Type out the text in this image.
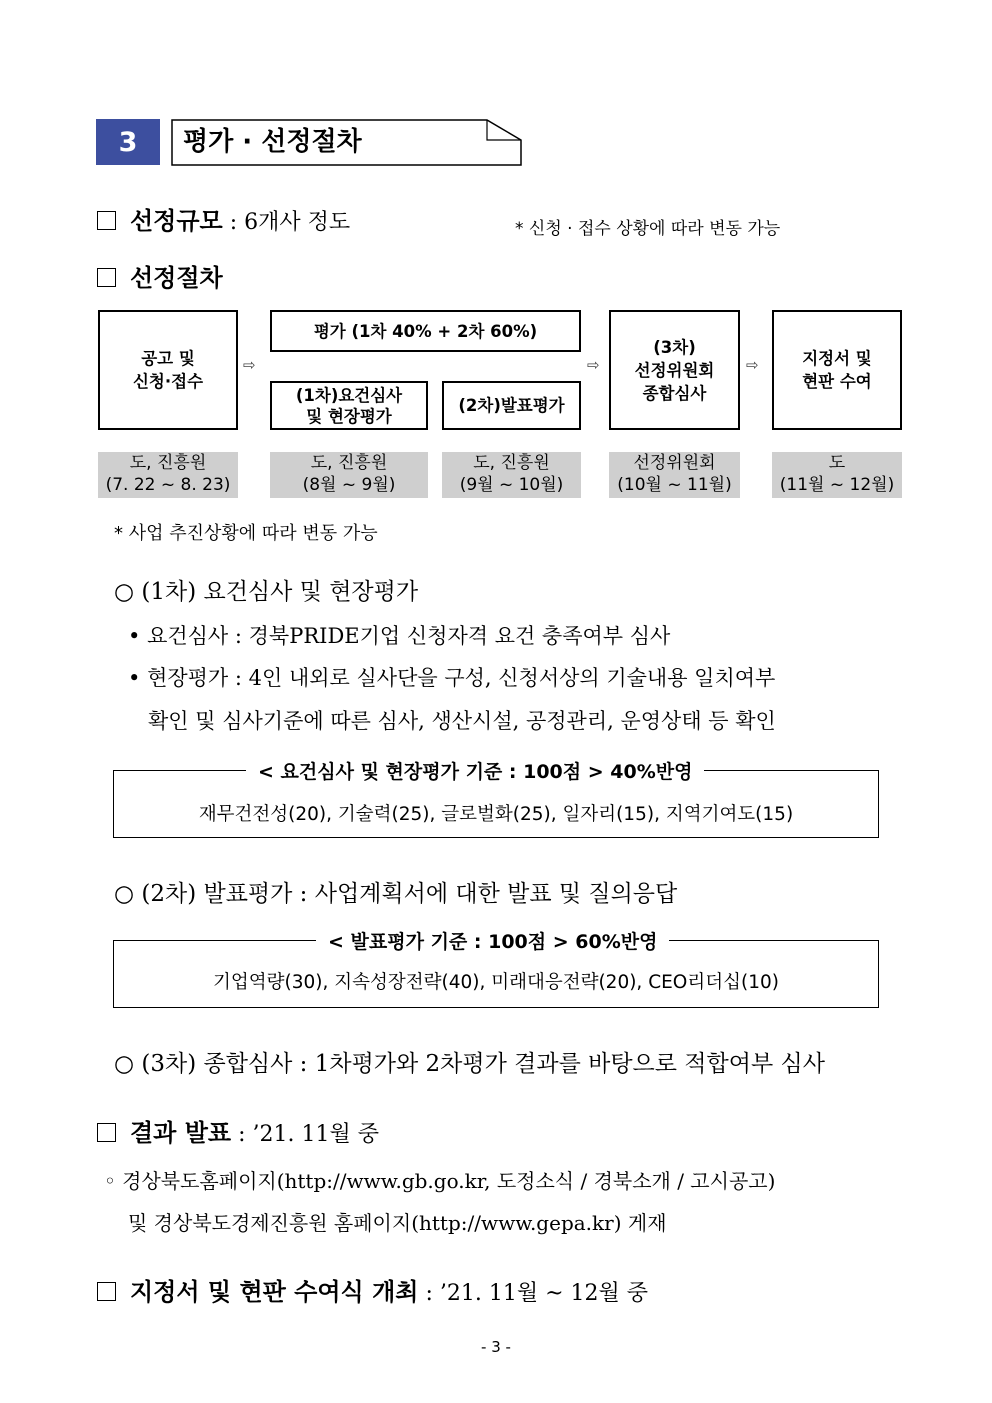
3	평가 · 선정절차
선정규모 : 6개사 정도	* 신청 · 접수 상황에 따라 변동 가능
선정절차
공고 및
신청·접수
⇨
평가 (1차 40% + 2차 60%)
(1차)요건심사
및 현장평가
(2차)발표평가
⇨
(3차)
선정위원회
종합심사
⇨	지정서 및
현판 수여
도, 진흥원
(7. 22 ~ 8. 23)
도, 진흥원
(8월 ~ 9월)
도, 진흥원
(9월 ~ 10월)
선정위원회
(10월 ~ 11월)
도
(11월 ~ 12월)
* 사업 추진상황에 따라 변동 가능
○ (1차) 요건심사 및 현장평가
• 요건심사 : 경북PRIDE기업 신청자격 요건 충족여부 심사
• 현장평가 : 4인 내외로 실사단을 구성, 신청서상의 기술내용 일치여부
확인 및 심사기준에 따른 심사, 생산시설, 공정관리, 운영상태 등 확인
< 요건심사 및 현장평가 기준 : 100점 > 40%반영
재무건전성(20), 기술력(25), 글로벌화(25), 일자리(15), 지역기여도(15)
○ (2차) 발표평가 : 사업계획서에 대한 발표 및 질의응답
< 발표평가 기준 : 100점 > 60%반영
기업역량(30), 지속성장전략(40), 미래대응전략(20), CEO리더십(10)
○ (3차) 종합심사 : 1차평가와 2차평가 결과를 바탕으로 적합여부 심사
결과 발표 : ’21. 11월 중
◦ 경상북도홈페이지(http://www.gb.go.kr, 도정소식 / 경북소개 / 고시공고)
및 경상북도경제진흥원 홈페이지(http://www.gepa.kr) 게재
지정서 및 현판 수여식 개최 : ’21. 11월 ~ 12월 중
- 3 -
